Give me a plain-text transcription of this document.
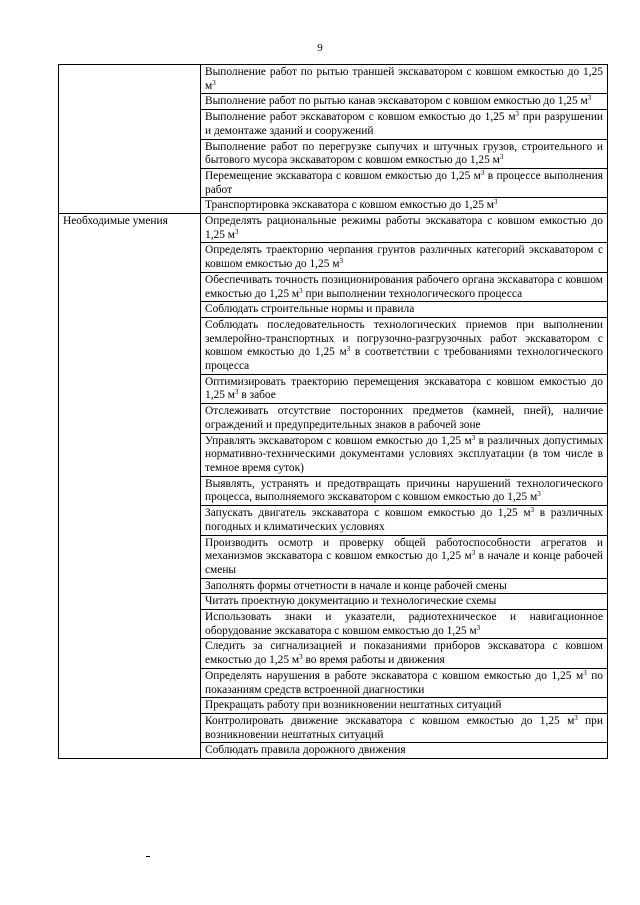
9
	Выполнение работ по рытью траншей экскаватором с ковшом емкостью до 1,25 $м^3$
	Выполнение работ по рытью канав экскаватором с ковшом емкостью до 1,25 $м^3$
	Выполнение работ экскаватором с ковшом емкостью до 1,25 $м^3$ при разрушении и демонтаже зданий и сооружений
	Выполнение работ по перегрузке сыпучих и штучных грузов, строительного и бытового мусора экскаватором с ковшом емкостью до 1,25 $м^3$
	Перемещение экскаватора с ковшом емкостью до 1,25 $м^3$ в процессе выполнения работ
	Транспортировка экскаватора с ковшом емкостью до 1,25 $м^3$
Необходимые умения	Определять рациональные режимы работы экскаватора с ковшом емкостью до 1,25 $м^3$
	Определять траекторию черпания грунтов различных категорий экскаватором с ковшом емкостью до 1,25 $м^3$
	Обеспечивать точность позиционирования рабочего органа экскаватора с ковшом емкостью до 1,25 $м^3$ при выполнении технологического процесса
	Соблюдать строительные нормы и правила
	Соблюдать последовательность технологических приемов при выполнении землеройно-транспортных и погрузочно-разгрузочных работ экскаватором с ковшом емкостью до 1,25 $м^3$ в соответствии с требованиями технологического процесса
	Оптимизировать траекторию перемещения экскаватора с ковшом емкостью до 1,25 $м^3$ в забое
	Отслеживать отсутствие посторонних предметов (камней, пней), наличие ограждений и предупредительных знаков в рабочей зоне
	Управлять экскаватором с ковшом емкостью до 1,25 $м^3$ в различных допустимых нормативно-техническими документами условиях эксплуатации (в том числе в темное время суток)
	Выявлять, устранять и предотвращать причины нарушений технологического процесса, выполняемого экскаватором с ковшом емкостью до 1,25 $м^3$
	Запускать двигатель экскаватора с ковшом емкостью до 1,25 $м^3$ в различных погодных и климатических условиях
	Производить осмотр и проверку общей работоспособности агрегатов и механизмов экскаватора с ковшом емкостью до 1,25 $м^3$ в начале и конце рабочей смены
	Заполнять формы отчетности в начале и конце рабочей смены
	Читать проектную документацию и технологические схемы
	Использовать знаки и указатели, радиотехническое и навигационное оборудование экскаватора с ковшом емкостью до 1,25 $м^3$
	Следить за сигнализацией и показаниями приборов экскаватора с ковшом емкостью до 1,25 $м^3$ во время работы и движения
	Определять нарушения в работе экскаватора с ковшом емкостью до 1,25 $м^3$ по показаниям средств встроенной диагностики
	Прекращать работу при возникновении нештатных ситуаций
	Контролировать движение экскаватора с ковшом емкостью до 1,25 $м^3$ при возникновении нештатных ситуаций
	Соблюдать правила дорожного движения
